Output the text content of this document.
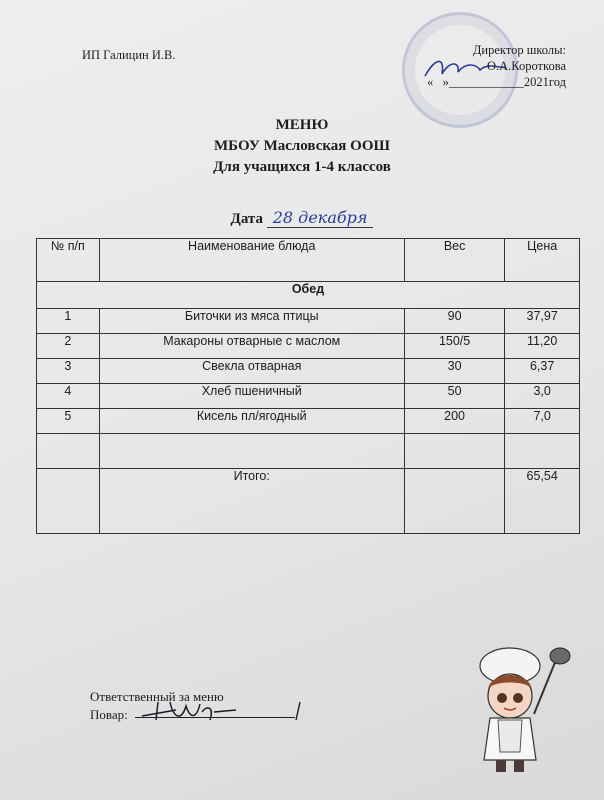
ИП Галицин И.В.	Директор школы:
О.А.Короткова
« »____________2021год
МЕНЮ
МБОУ Масловская ООШ
Для учащихся 1-4 классов
Дата 28 декабря
№ п/п	Наименование блюда	Вес	Цена
Обед			
1	Биточки из мяса птицы	90	37,97
2	Макароны отварные с маслом	150/5	11,20
3	Свекла отварная	30	6,37
4	Хлеб пшеничный	50	3,0
5	Кисель пл/ягодный	200	7,0

	Итого:		65,54
Ответственный за меню
Повар:
